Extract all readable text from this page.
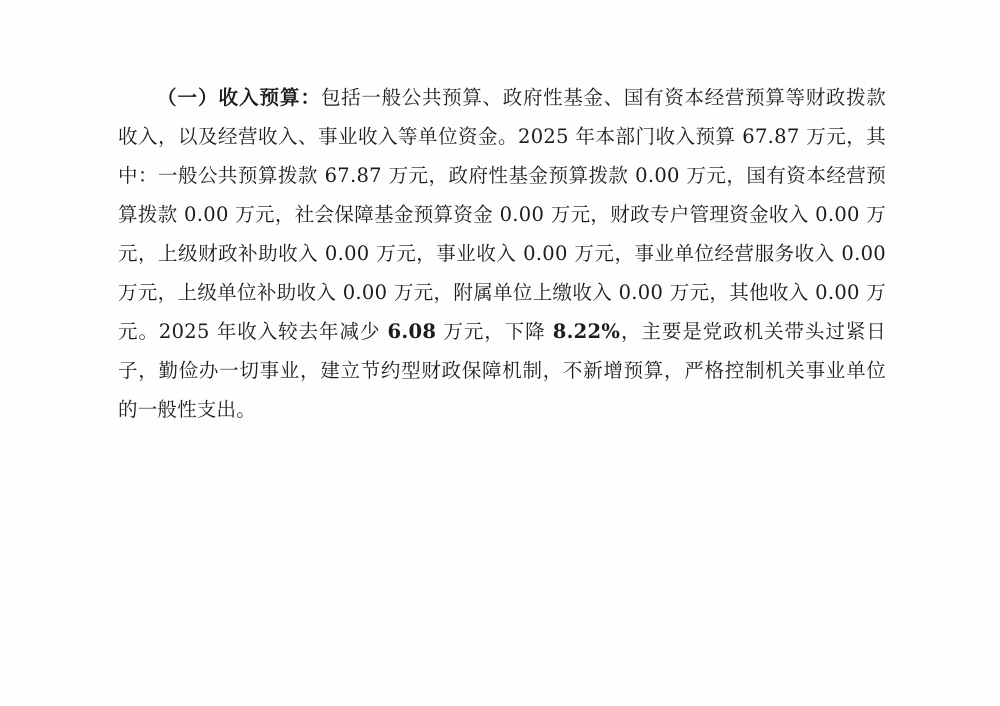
（一）收入预算：包括一般公共预算、政府性基金、国有资本经营预算等财政拨款收入，以及经营收入、事业收入等单位资金。2025 年本部门收入预算 67.87 万元，其中：一般公共预算拨款 67.87 万元，政府性基金预算拨款 0.00 万元，国有资本经营预算拨款 0.00 万元，社会保障基金预算资金 0.00 万元，财政专户管理资金收入 0.00 万元，上级财政补助收入 0.00 万元，事业收入 0.00 万元，事业单位经营服务收入 0.00 万元，上级单位补助收入 0.00 万元，附属单位上缴收入 0.00 万元，其他收入 0.00 万元。2025 年收入较去年减少 6.08 万元，下降 8.22%，主要是党政机关带头过紧日子，勤俭办一切事业，建立节约型财政保障机制，不新增预算，严格控制机关事业单位的一般性支出。
